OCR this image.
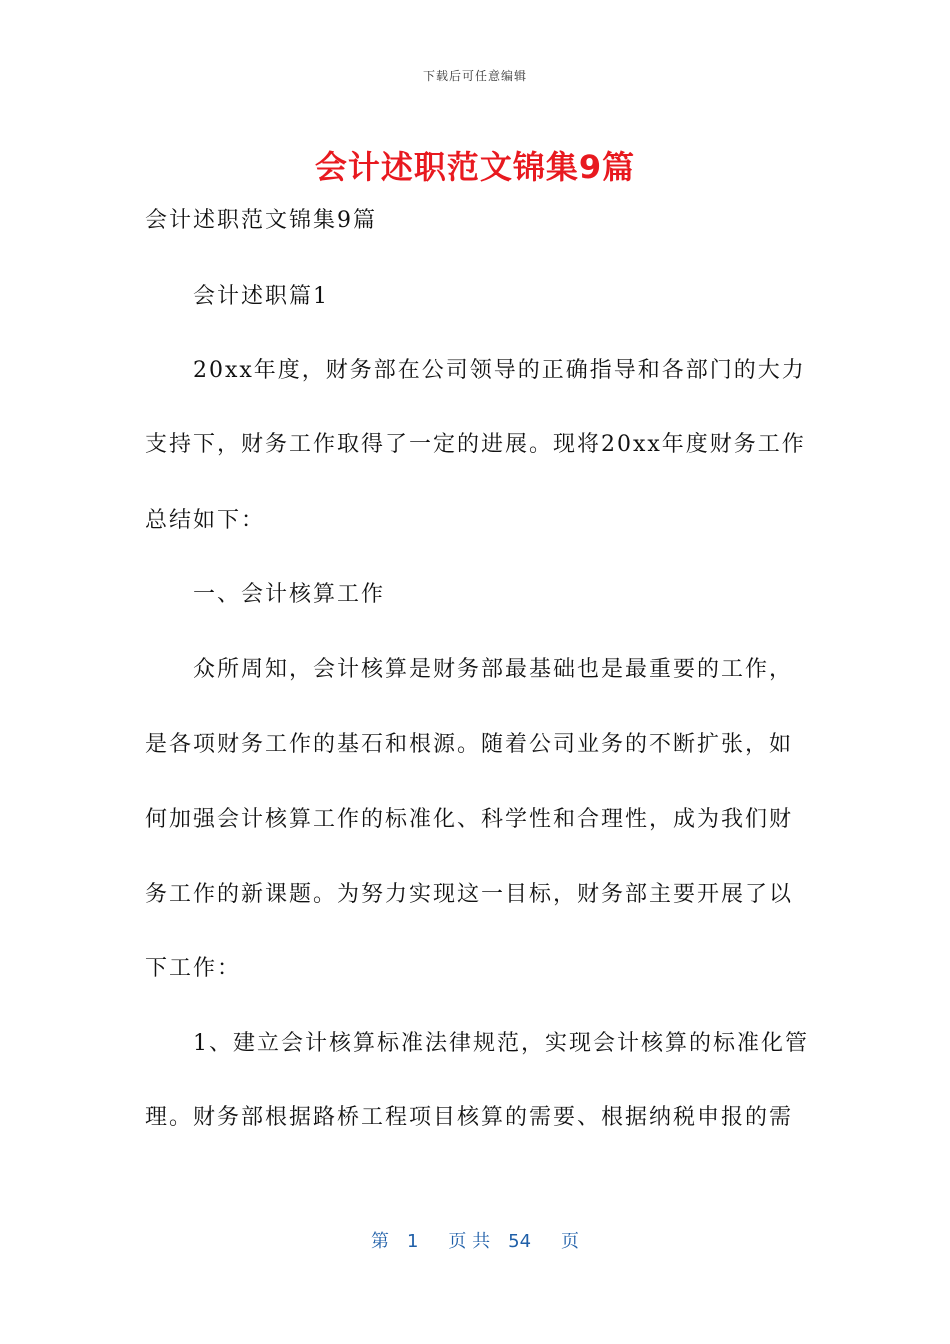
下载后可任意编辑
会计述职范文锦集9篇
会计述职范文锦集9篇
　　会计述职篇1
　　20xx年度，财务部在公司领导的正确指导和各部门的大力
支持下，财务工作取得了一定的进展。现将20xx年度财务工作
总结如下：
　　一、会计核算工作
　　众所周知，会计核算是财务部最基础也是最重要的工作，
是各项财务工作的基石和根源。随着公司业务的不断扩张，如
何加强会计核算工作的标准化、科学性和合理性，成为我们财
务工作的新课题。为努力实现这一目标，财务部主要开展了以
下工作：
　　1、建立会计核算标准法律规范，实现会计核算的标准化管
理。财务部根据路桥工程项目核算的需要、根据纳税申报的需
第 1 页 共 54 页
